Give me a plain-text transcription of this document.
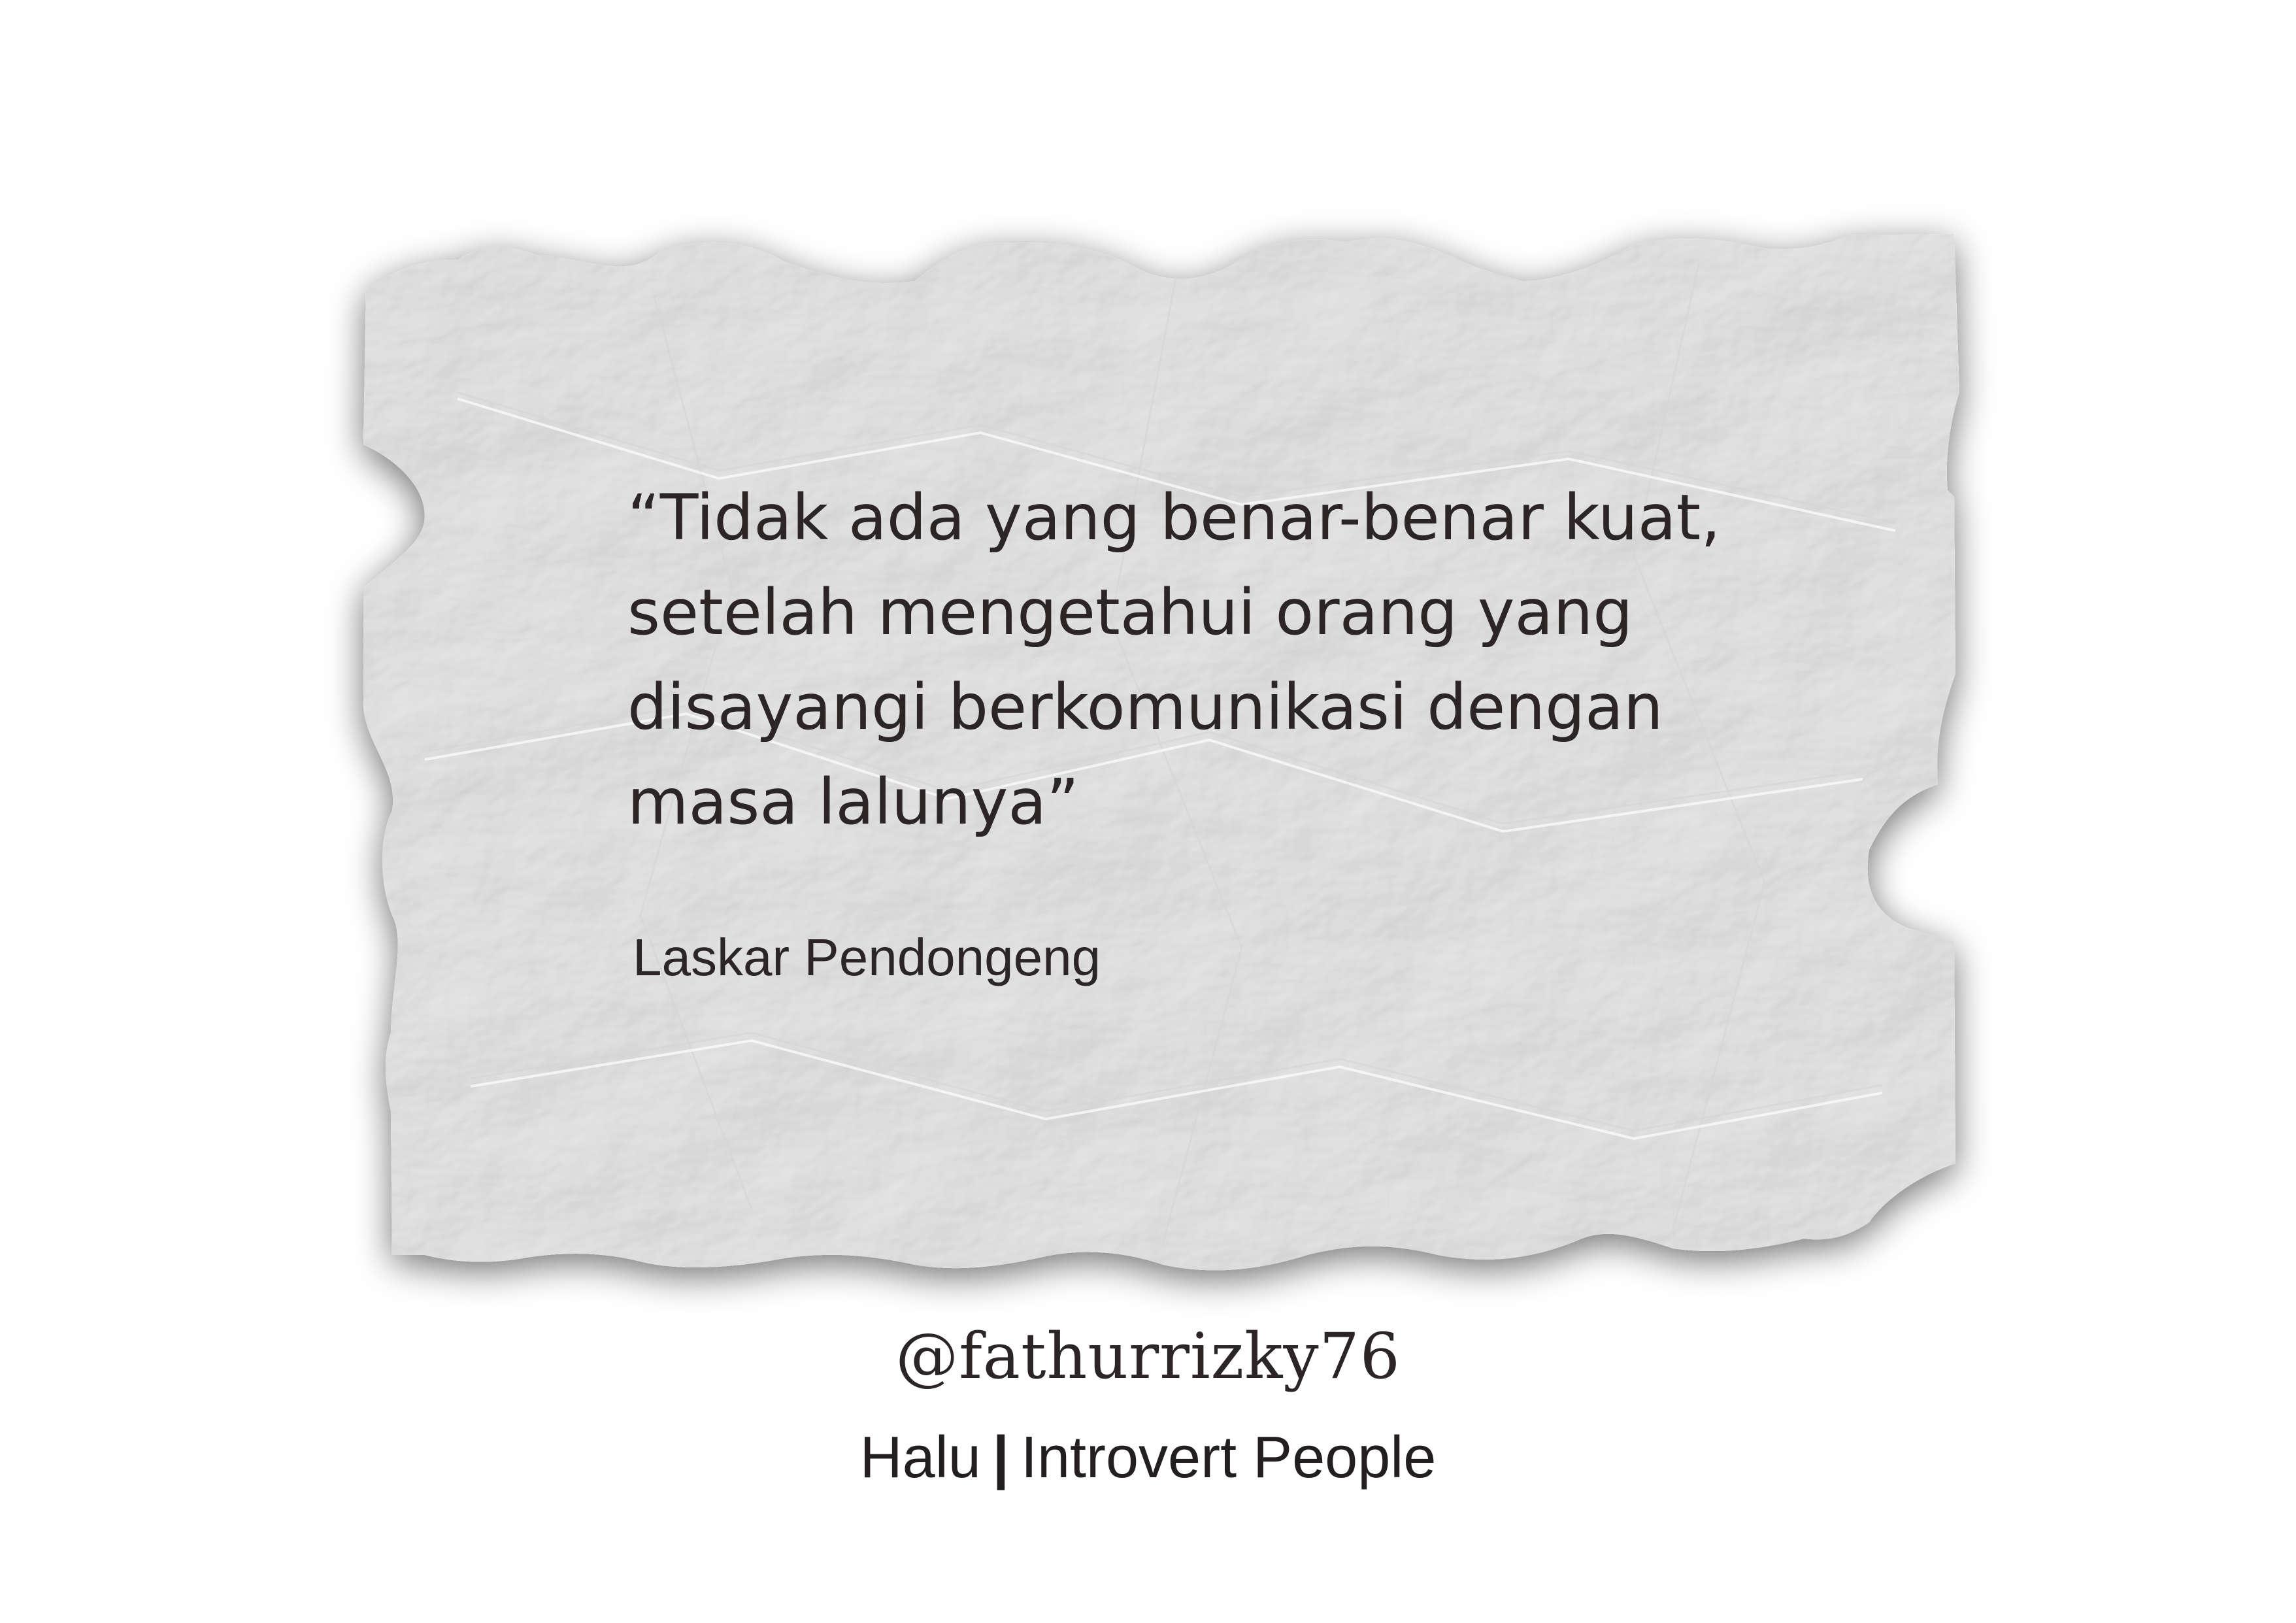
“Tidak ada yang benar-benar kuat,
setelah mengetahui orang yang
disayangi berkomunikasi dengan
masa lalunya”
Laskar Pendongeng
@fathurrizky76
Halu | Introvert People
